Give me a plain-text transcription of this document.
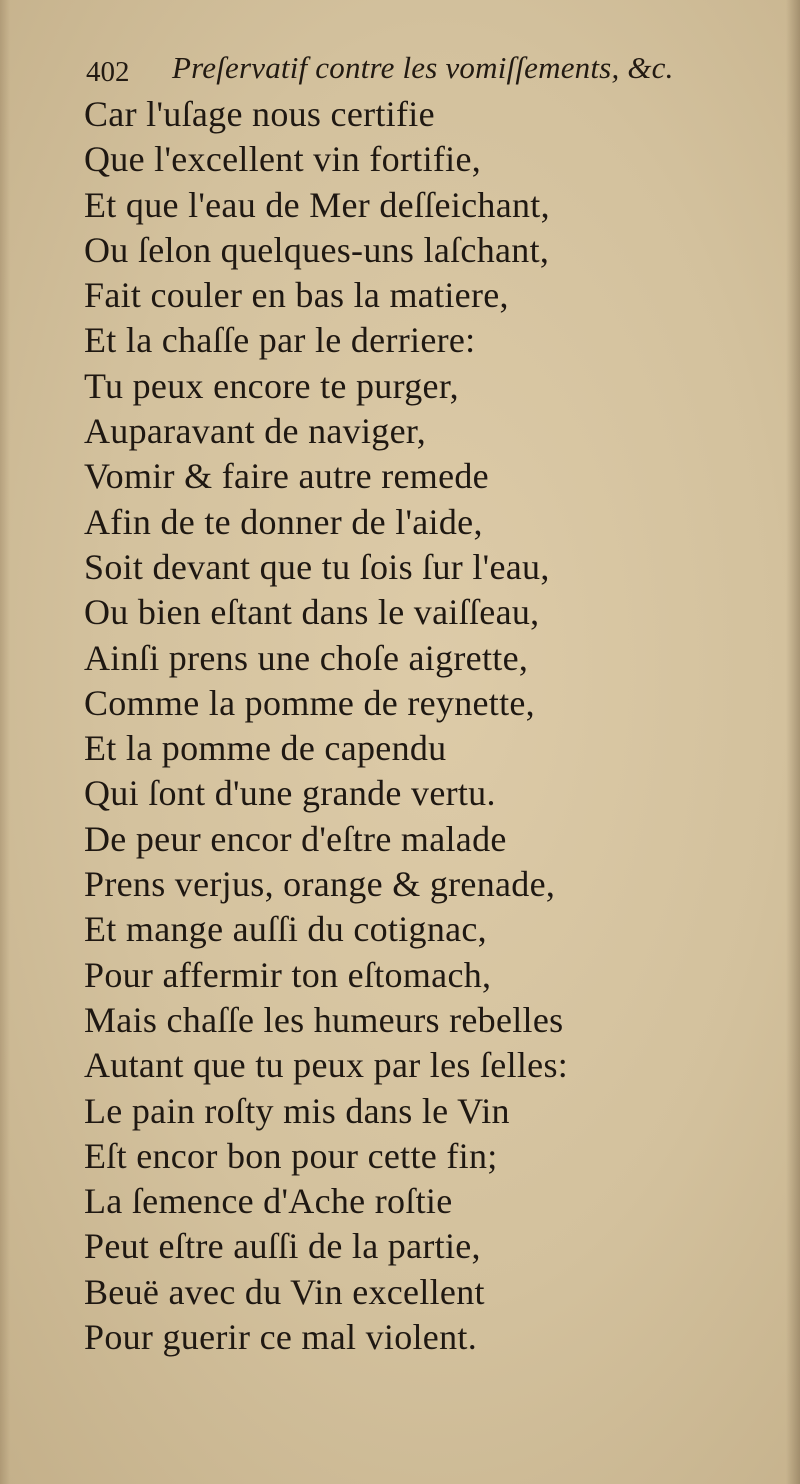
402 Preſervatif contre les vomiſſements, &c.
Car l'uſage nous certifie
Que l'excellent vin fortifie,
Et que l'eau de Mer deſſeichant,
Ou ſelon quelques-uns laſchant,
Fait couler en bas la matiere,
Et la chaſſe par le derriere:
Tu peux encore te purger,
Auparavant de naviger,
Vomir & faire autre remede
Afin de te donner de l'aide,
Soit devant que tu ſois ſur l'eau,
Ou bien eſtant dans le vaiſſeau,
Ainſi prens une choſe aigrette,
Comme la pomme de reynette,
Et la pomme de capendu
Qui ſont d'une grande vertu.
De peur encor d'eſtre malade
Prens verjus, orange & grenade,
Et mange auſſi du cotignac,
Pour affermir ton eſtomach,
Mais chaſſe les humeurs rebelles
Autant que tu peux par les ſelles:
Le pain roſty mis dans le Vin
Eſt encor bon pour cette fin;
La ſemence d'Ache roſtie
Peut eſtre auſſi de la partie,
Beuë avec du Vin excellent
Pour guerir ce mal violent.
